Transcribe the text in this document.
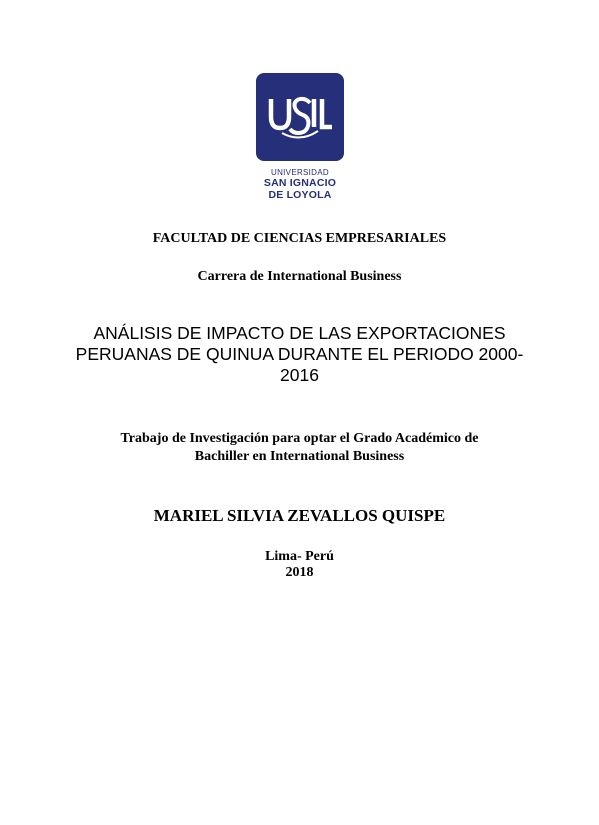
UNIVERSIDAD
SAN IGNACIO
DE LOYOLA
FACULTAD DE CIENCIAS EMPRESARIALES
Carrera de International Business
ANÁLISIS DE IMPACTO DE LAS EXPORTACIONES
PERUANAS DE QUINUA DURANTE EL PERIODO 2000-
2016
Trabajo de Investigación para optar el Grado Académico de
Bachiller en International Business
MARIEL SILVIA ZEVALLOS QUISPE
Lima- Perú
2018
